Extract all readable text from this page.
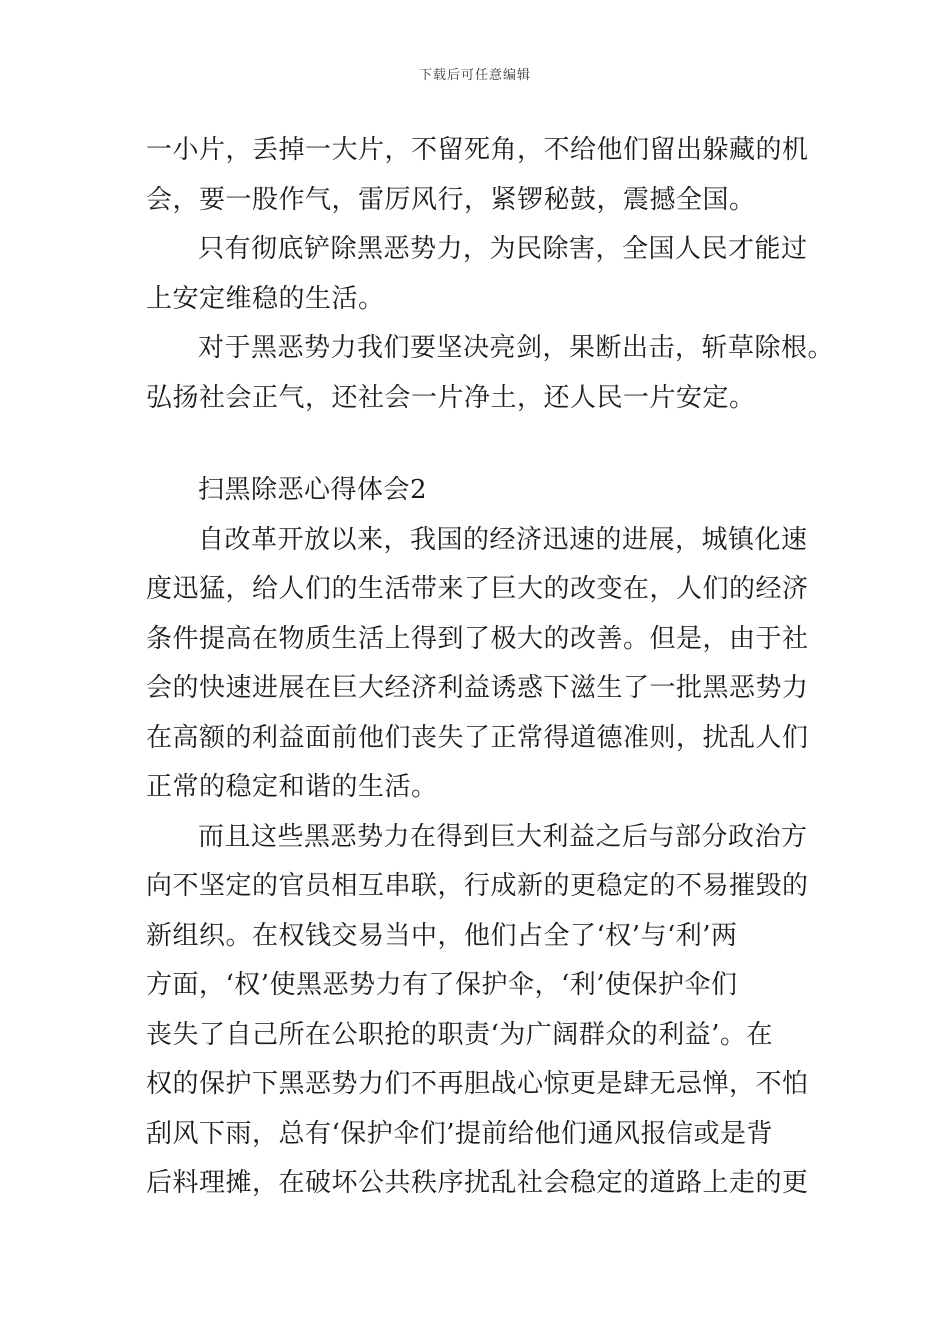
下载后可任意编辑
一小片，丢掉一大片，不留死角，不给他们留出躲藏的机
会，要一股作气，雷厉风行，紧锣秘鼓，震撼全国。
只有彻底铲除黑恶势力，为民除害，全国人民才能过
上安定维稳的生活。
对于黑恶势力我们要坚决亮剑，果断出击，斩草除根。
弘扬社会正气，还社会一片净土，还人民一片安定。
扫黑除恶心得体会2
自改革开放以来，我国的经济迅速的进展，城镇化速
度迅猛，给人们的生活带来了巨大的改变在，人们的经济
条件提高在物质生活上得到了极大的改善。但是，由于社
会的快速进展在巨大经济利益诱惑下滋生了一批黑恶势力
在高额的利益面前他们丧失了正常得道德准则，扰乱人们
正常的稳定和谐的生活。
而且这些黑恶势力在得到巨大利益之后与部分政治方
向不坚定的官员相互串联，行成新的更稳定的不易摧毁的
新组织。在权钱交易当中，他们占全了‘权’与‘利’两
方面，‘权’使黑恶势力有了保护伞，‘利’使保护伞们
丧失了自己所在公职抢的职责‘为广阔群众的利益’。在
权的保护下黑恶势力们不再胆战心惊更是肆无忌惮，不怕
刮风下雨，总有‘保护伞们’提前给他们通风报信或是背
后料理摊，在破坏公共秩序扰乱社会稳定的道路上走的更
